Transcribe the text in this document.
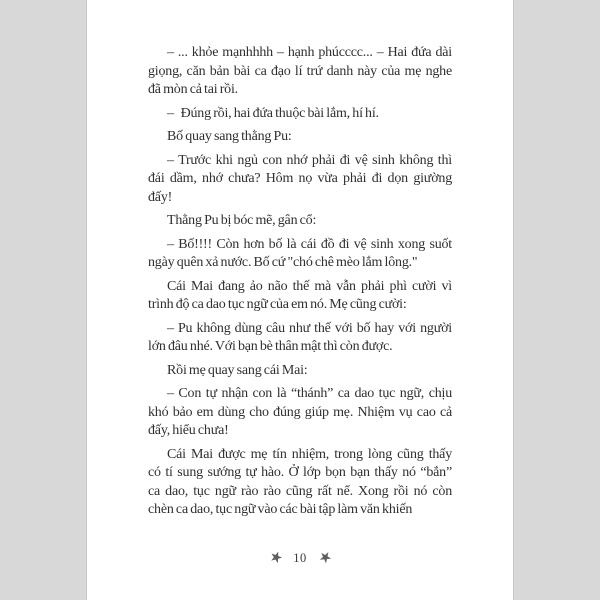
– ... khỏe mạnhhhh – hạnh phúcccc... – Hai đứa dài
giọng, căn bản bài ca đạo lí trứ danh này của mẹ nghe
đã mòn cả tai rồi.
– Đúng rồi, hai đứa thuộc bài lắm, hí hí.
Bố quay sang thằng Pu:
– Trước khi ngủ con nhớ phải đi vệ sinh không thì
đái dầm, nhớ chưa? Hôm nọ vừa phải đi dọn giường
đấy!
Thằng Pu bị bóc mẽ, gân cổ:
– Bố!!!! Còn hơn bố là cái đồ đi vệ sinh xong suốt
ngày quên xả nước. Bố cứ "chó chê mèo lắm lông."
Cái Mai đang ảo não thế mà vẫn phải phì cười vì
trình độ ca dao tục ngữ của em nó. Mẹ cũng cười:
– Pu không dùng câu như thế với bố hay với người
lớn đâu nhé. Với bạn bè thân mật thì còn được.
Rồi mẹ quay sang cái Mai:
– Con tự nhận con là “thánh” ca dao tục ngữ, chịu
khó bảo em dùng cho đúng giúp mẹ. Nhiệm vụ cao cả
đấy, hiểu chưa!
Cái Mai được mẹ tín nhiệm, trong lòng cũng thấy
có tí sung sướng tự hào. Ở lớp bọn bạn thấy nó “bắn”
ca dao, tục ngữ rào rào cũng rất nể. Xong rồi nó còn
chèn ca dao, tục ngữ vào các bài tập làm văn khiến
★ 10 ★
